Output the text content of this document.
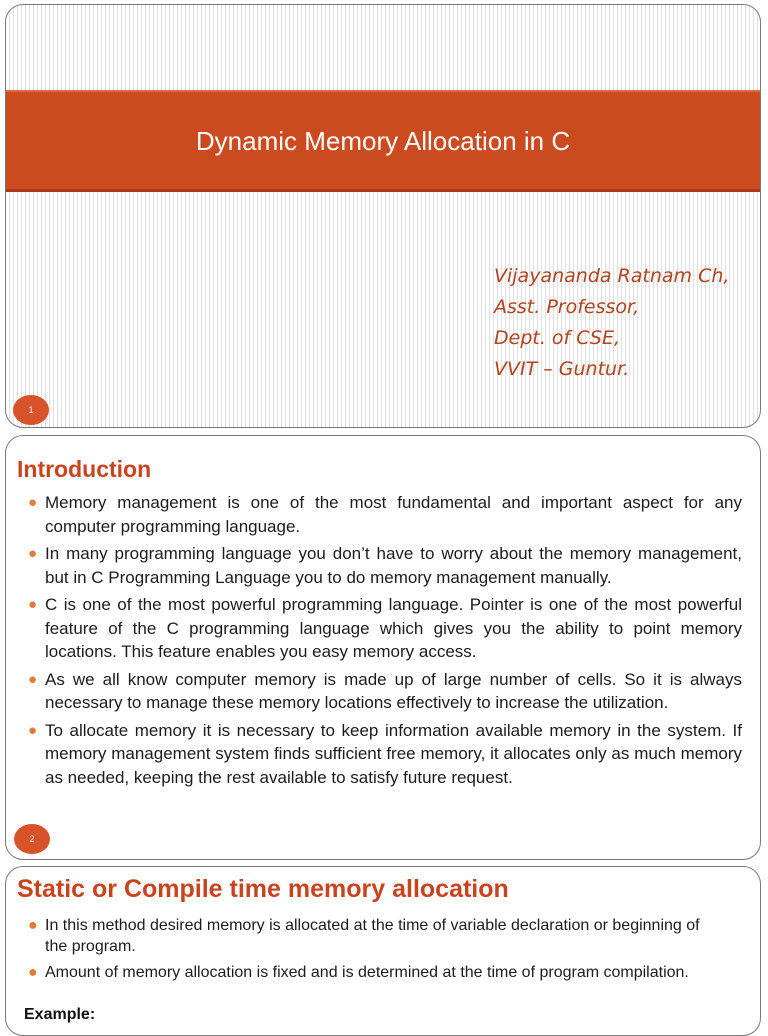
Dynamic Memory Allocation in C
Vijayananda Ratnam Ch,
Asst. Professor,
Dept. of CSE,
VVIT – Guntur.
1
Introduction
● Memory management is one of the most fundamental and important aspect for any computer programming language.
● In many programming language you don’t have to worry about the memory management, but in C Programming Language you to do memory management manually.
● C is one of the most powerful programming language. Pointer is one of the most powerful feature of the C programming language which gives you the ability to point memory locations. This feature enables you easy memory access.
● As we all know computer memory is made up of large number of cells. So it is always necessary to manage these memory locations effectively to increase the utilization.
● To allocate memory it is necessary to keep information available memory in the system. If memory management system finds sufficient free memory, it allocates only as much memory as needed, keeping the rest available to satisfy future request.
2
Static or Compile time memory allocation
● In this method desired memory is allocated at the time of variable declaration or beginning of the program.
● Amount of memory allocation is fixed and is determined at the time of program compilation.
Example:
